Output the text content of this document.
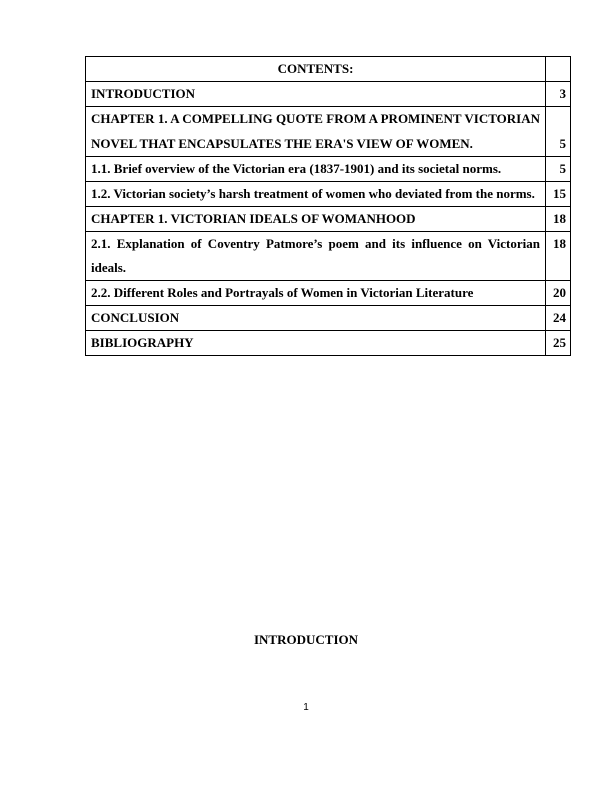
CONTENTS:	
INTRODUCTION	3
CHAPTER 1. A COMPELLING QUOTE FROM A PROMINENT VICTORIAN NOVEL THAT ENCAPSULATES THE ERA'S VIEW OF WOMEN.	5
1.1. Brief overview of the Victorian era (1837-1901) and its societal norms.	5
1.2. Victorian society’s harsh treatment of women who deviated from the norms.	15
CHAPTER 1. VICTORIAN IDEALS OF WOMANHOOD	18
2.1. Explanation of Coventry Patmore’s poem and its influence on Victorian ideals.	18
2.2. Different Roles and Portrayals of Women in Victorian Literature	20
CONCLUSION	24
BIBLIOGRAPHY	25
INTRODUCTION
1
